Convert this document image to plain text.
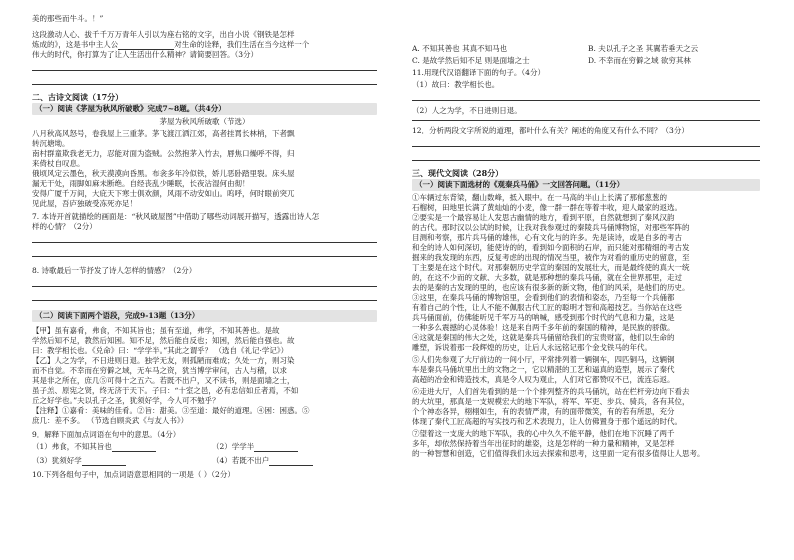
美的那些而牛斗。！”
这段激动人心、拔千千万万青年人引以为座右铭的文字，出自小说《钢铁是怎样
炼成的》，这是书中主人公	对生命的诠释，我们生活在当今这样一个
伟大的时代，你打算为了让人生活出什么精神？请简要回答。（3分）
二、古诗文阅读（17分）
（一）阅读《茅屋为秋风所破歌》完成7~8题。（共4分）
茅屋为秋风所破歌（节选）
八月秋高风怒号，卷我屋上三重茅。茅飞渡江洒江郊，高者挂罥长林梢，下者飘
转沉塘坳。
南村群童欺我老无力，忍能对面为盗贼。公然抱茅入竹去，唇焦口燥呼不得，归
来倚杖自叹息。
俄顷风定云墨色，秋天漠漠向昏黑。布衾多年冷似铁，娇儿恶卧踏里裂。床头屋
漏无干处，雨脚如麻未断绝。自经丧乱少睡眠，长夜沾湿何由彻！
安得广厦千万间，大庇天下寒士俱欢颜，风雨不动安如山。呜呼，何时眼前突兀
见此屋，吾庐独破受冻死亦足！
7. 本诗开首就描绘的画面是：“秋风破屋图”中借助了哪些动词展开描写，透露出诗人怎
样的心情？（2分）
8. 诗歌最后一节抒发了诗人怎样的情感？（2分）
（二）阅读下面两个语段，完成9-13题（13分）
【甲】虽有嘉肴，弗食，不知其旨也；虽有至道，弗学，不知其善也。是故
学然后知不足，教然后知困。知不足，然后能自反也；知困，然后能自强也。故
曰：教学相长也。《兑命》曰：“学学半。”其此之谓乎？ （选自《礼记·学记》）
【乙】人之为学，不日进则日退。独学无友，则孤陋而难成；久处一方，则习染
而不自觉。不幸而在穷僻之域，无车马之资，犹当博学审问，古人与稽，以求
其是非之所在，庶几⑤可得十之五六。若既不出户，又不读书，则是面墙之士，
虽子羔、原宪之贤，终无济于天下。子曰：“十室之邑，必有忠信如丘者焉，不如
丘之好学也。”夫以孔子之圣，犹须好学，今人可不勉乎？
【注释】①嘉肴：美味的佳肴。②旨：甜美。③至道：最好的道理。④困：困惑。⑤
庶几：差不多。 （节选自顾炎武《与友人书》）
9．解释下面加点词语在句中的意思。（4分）
（1）弗食，不知其旨也	（2）学学半
（3）犹须好学	（4）若既不出户
10.下列各组句子中，加点词语意思相同的一项是（ ）（2分）
A. 不知其善也 其真不知马也	B. 夫以孔子之圣 其翼若垂天之云
C. 是故学然后知不足 则是面墙之士	D. 不幸而在穷僻之域 欲穷其林
11.用现代汉语翻译下面的句子。（4分）
（1）故曰：教学相长也。
（2）人之为学，不日进则日退。
12．分析两段文字所说的道理，都叶什么有关？阐述的角度又有什么不同？（3分）
三、现代文阅读（28分）
（一）阅读下面选材的《观秦兵马俑》一文回答问题。（11分）
①车辆过东背梁，翻山数峰，抵入眼中。在一马高的半山上长满了那郁葱葱的
石榴树，田地里长满了黄灿灿的小麦，像一群一群在等着丰收，迎人最家的返选。
②要实是一个最容易让人发思古幽情的地方，看到平原，自然就想到了秦风汉韵
的古代。那时汉以公试的时候，让我对我参观过的秦陵兵马俑博物馆，对那些军阵的
目测和考察，那片兵马俑的雄伟，心有文化与的许多。先是读诗，或是自多的考古
和全的诗人如何深切，能使诗的的，看到如今面积的石岸，而只能对那精细的考古发
掘来的我发现的东西，反复考虑的出现的情况当里，被作为对看的重历史的留意，至
丁主要是在这个时代。对那秦朝历史学宣的秦国的发展壮大，而是最终使的真大一统
的，在这不少而的文献、大多数，就是那种想的秦兵马俑，就在全世界那里，走过
去的是秦的古发现的里的，也应该有很多新的新文物，他们的风采，是他们的历史。
③这里，在秦兵马俑的博物馆里，会看到他们的表情和姿态，乃至每一个兵俑都
有着自己的个性，让人不能不佩服古代工匠的聪明才智和高超技艺。当你站在这些
兵马俑面前，仿佛能听见千军万马的呐喊，感受到那个时代的气息和力量，这是
一种多么震撼的心灵体验！这是来自两千多年前的秦国的精神，是民族的骄傲。
④这就是秦国的伟大之处，这就是秦兵马俑留给我们的宝贵财富，他们以生命的
雕塑，诉说着那一段辉煌的历史，让后人永远铭记那个金戈铁马的年代。
⑤人们先参观了大厅前边的一间小厅，平常排列着一辆铜车，四匹铜马，这辆铜
车是秦兵马俑坑里出土的文物之一，它以精湛的工艺和逼真的造型，展示了秦代
高超的冶金和铸造技术，真是令人叹为观止，人们对它都赞叹不已，流连忘返。
⑥走进大厅，人们首先看到的是一个个排列整齐的兵马俑坑，站在栏杆旁边向下看去
的大坑里，那真是一支规模宏大的地下军队，将军、军吏、步兵、骑兵，各有其位，
个个神态各异，栩栩如生，有的表情严肃，有的面带微笑，有的若有所思，充分
体现了秦代工匠高超的写实技巧和艺术表现力，让人仿佛置身于那个遥远的时代。
⑦望着这一支庞大的地下军队，我的心中久久不能平静，他们在地下沉睡了两千
多年，却依然保持着当年出征时的雄姿，这是怎样的一种力量和精神，又是怎样
的一种智慧和创造，它们值得我们永远去探索和思考，这里面一定有很多值得让人思考。
